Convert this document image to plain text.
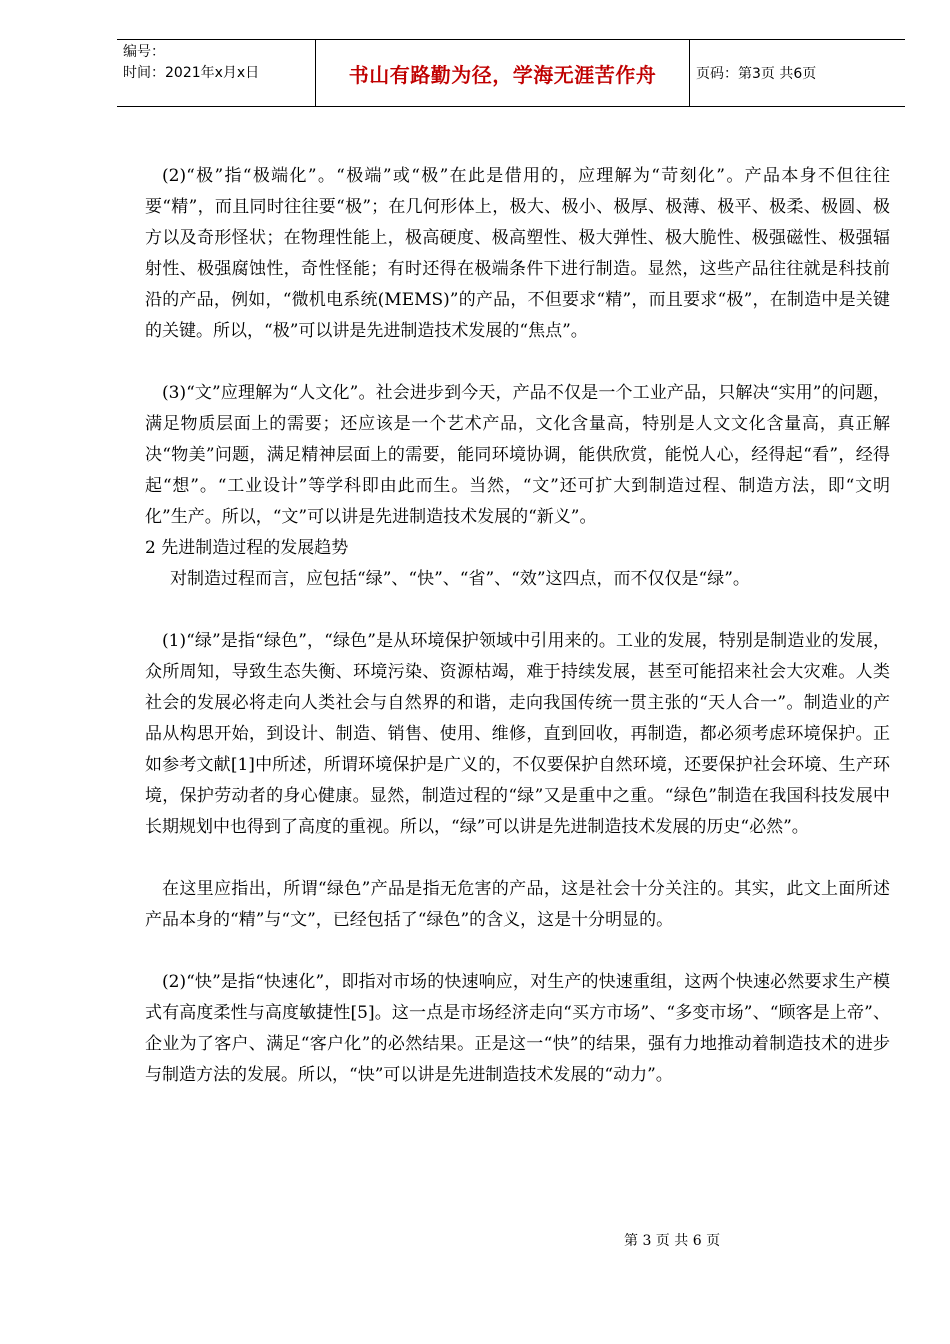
编号：
时间：2021年x月x日	书山有路勤为径，学海无涯苦作舟	页码：第3页 共6页

(2)“极”指“极端化”。“极端”或“极”在此是借用的，应理解为“苛刻化”。产品本身不但往往要“精”，而且同时往往要“极”；在几何形体上，极大、极小、极厚、极薄、极平、极柔、极圆、极方以及奇形怪状；在物理性能上，极高硬度、极高塑性、极大弹性、极大脆性、极强磁性、极强辐射性、极强腐蚀性，奇性怪能；有时还得在极端条件下进行制造。显然，这些产品往往就是科技前沿的产品，例如，“微机电系统(MEMS)”的产品，不但要求“精”，而且要求“极”，在制造中是关键的关键。所以，“极”可以讲是先进制造技术发展的“焦点”。

(3)“文”应理解为“人文化”。社会进步到今天，产品不仅是一个工业产品，只解决“实用”的问题，满足物质层面上的需要；还应该是一个艺术产品，文化含量高，特别是人文文化含量高，真正解决“物美”问题，满足精神层面上的需要，能同环境协调，能供欣赏，能悦人心，经得起“看”，经得起“想”。“工业设计”等学科即由此而生。当然，“文”还可扩大到制造过程、制造方法，即“文明化”生产。所以，“文”可以讲是先进制造技术发展的“新义”。

2 先进制造过程的发展趋势

对制造过程而言，应包括“绿”、“快”、“省”、“效”这四点，而不仅仅是“绿”。

(1)“绿”是指“绿色”，“绿色”是从环境保护领域中引用来的。工业的发展，特别是制造业的发展，众所周知，导致生态失衡、环境污染、资源枯竭，难于持续发展，甚至可能招来社会大灾难。人类社会的发展必将走向人类社会与自然界的和谐，走向我国传统一贯主张的“天人合一”。制造业的产品从构思开始，到设计、制造、销售、使用、维修，直到回收，再制造，都必须考虑环境保护。正如参考文献[1]中所述，所谓环境保护是广义的，不仅要保护自然环境，还要保护社会环境、生产环境，保护劳动者的身心健康。显然，制造过程的“绿”又是重中之重。“绿色”制造在我国科技发展中长期规划中也得到了高度的重视。所以，“绿”可以讲是先进制造技术发展的历史“必然”。

在这里应指出，所谓“绿色”产品是指无危害的产品，这是社会十分关注的。其实，此文上面所述产品本身的“精”与“文”，已经包括了“绿色”的含义，这是十分明显的。

(2)“快”是指“快速化”，即指对市场的快速响应，对生产的快速重组，这两个快速必然要求生产模式有高度柔性与高度敏捷性[5]。这一点是市场经济走向“买方市场”、“多变市场”、“顾客是上帝”、企业为了客户、满足“客户化”的必然结果。正是这一“快”的结果，强有力地推动着制造技术的进步与制造方法的发展。所以，“快”可以讲是先进制造技术发展的“动力”。

第 3 页 共 6 页
